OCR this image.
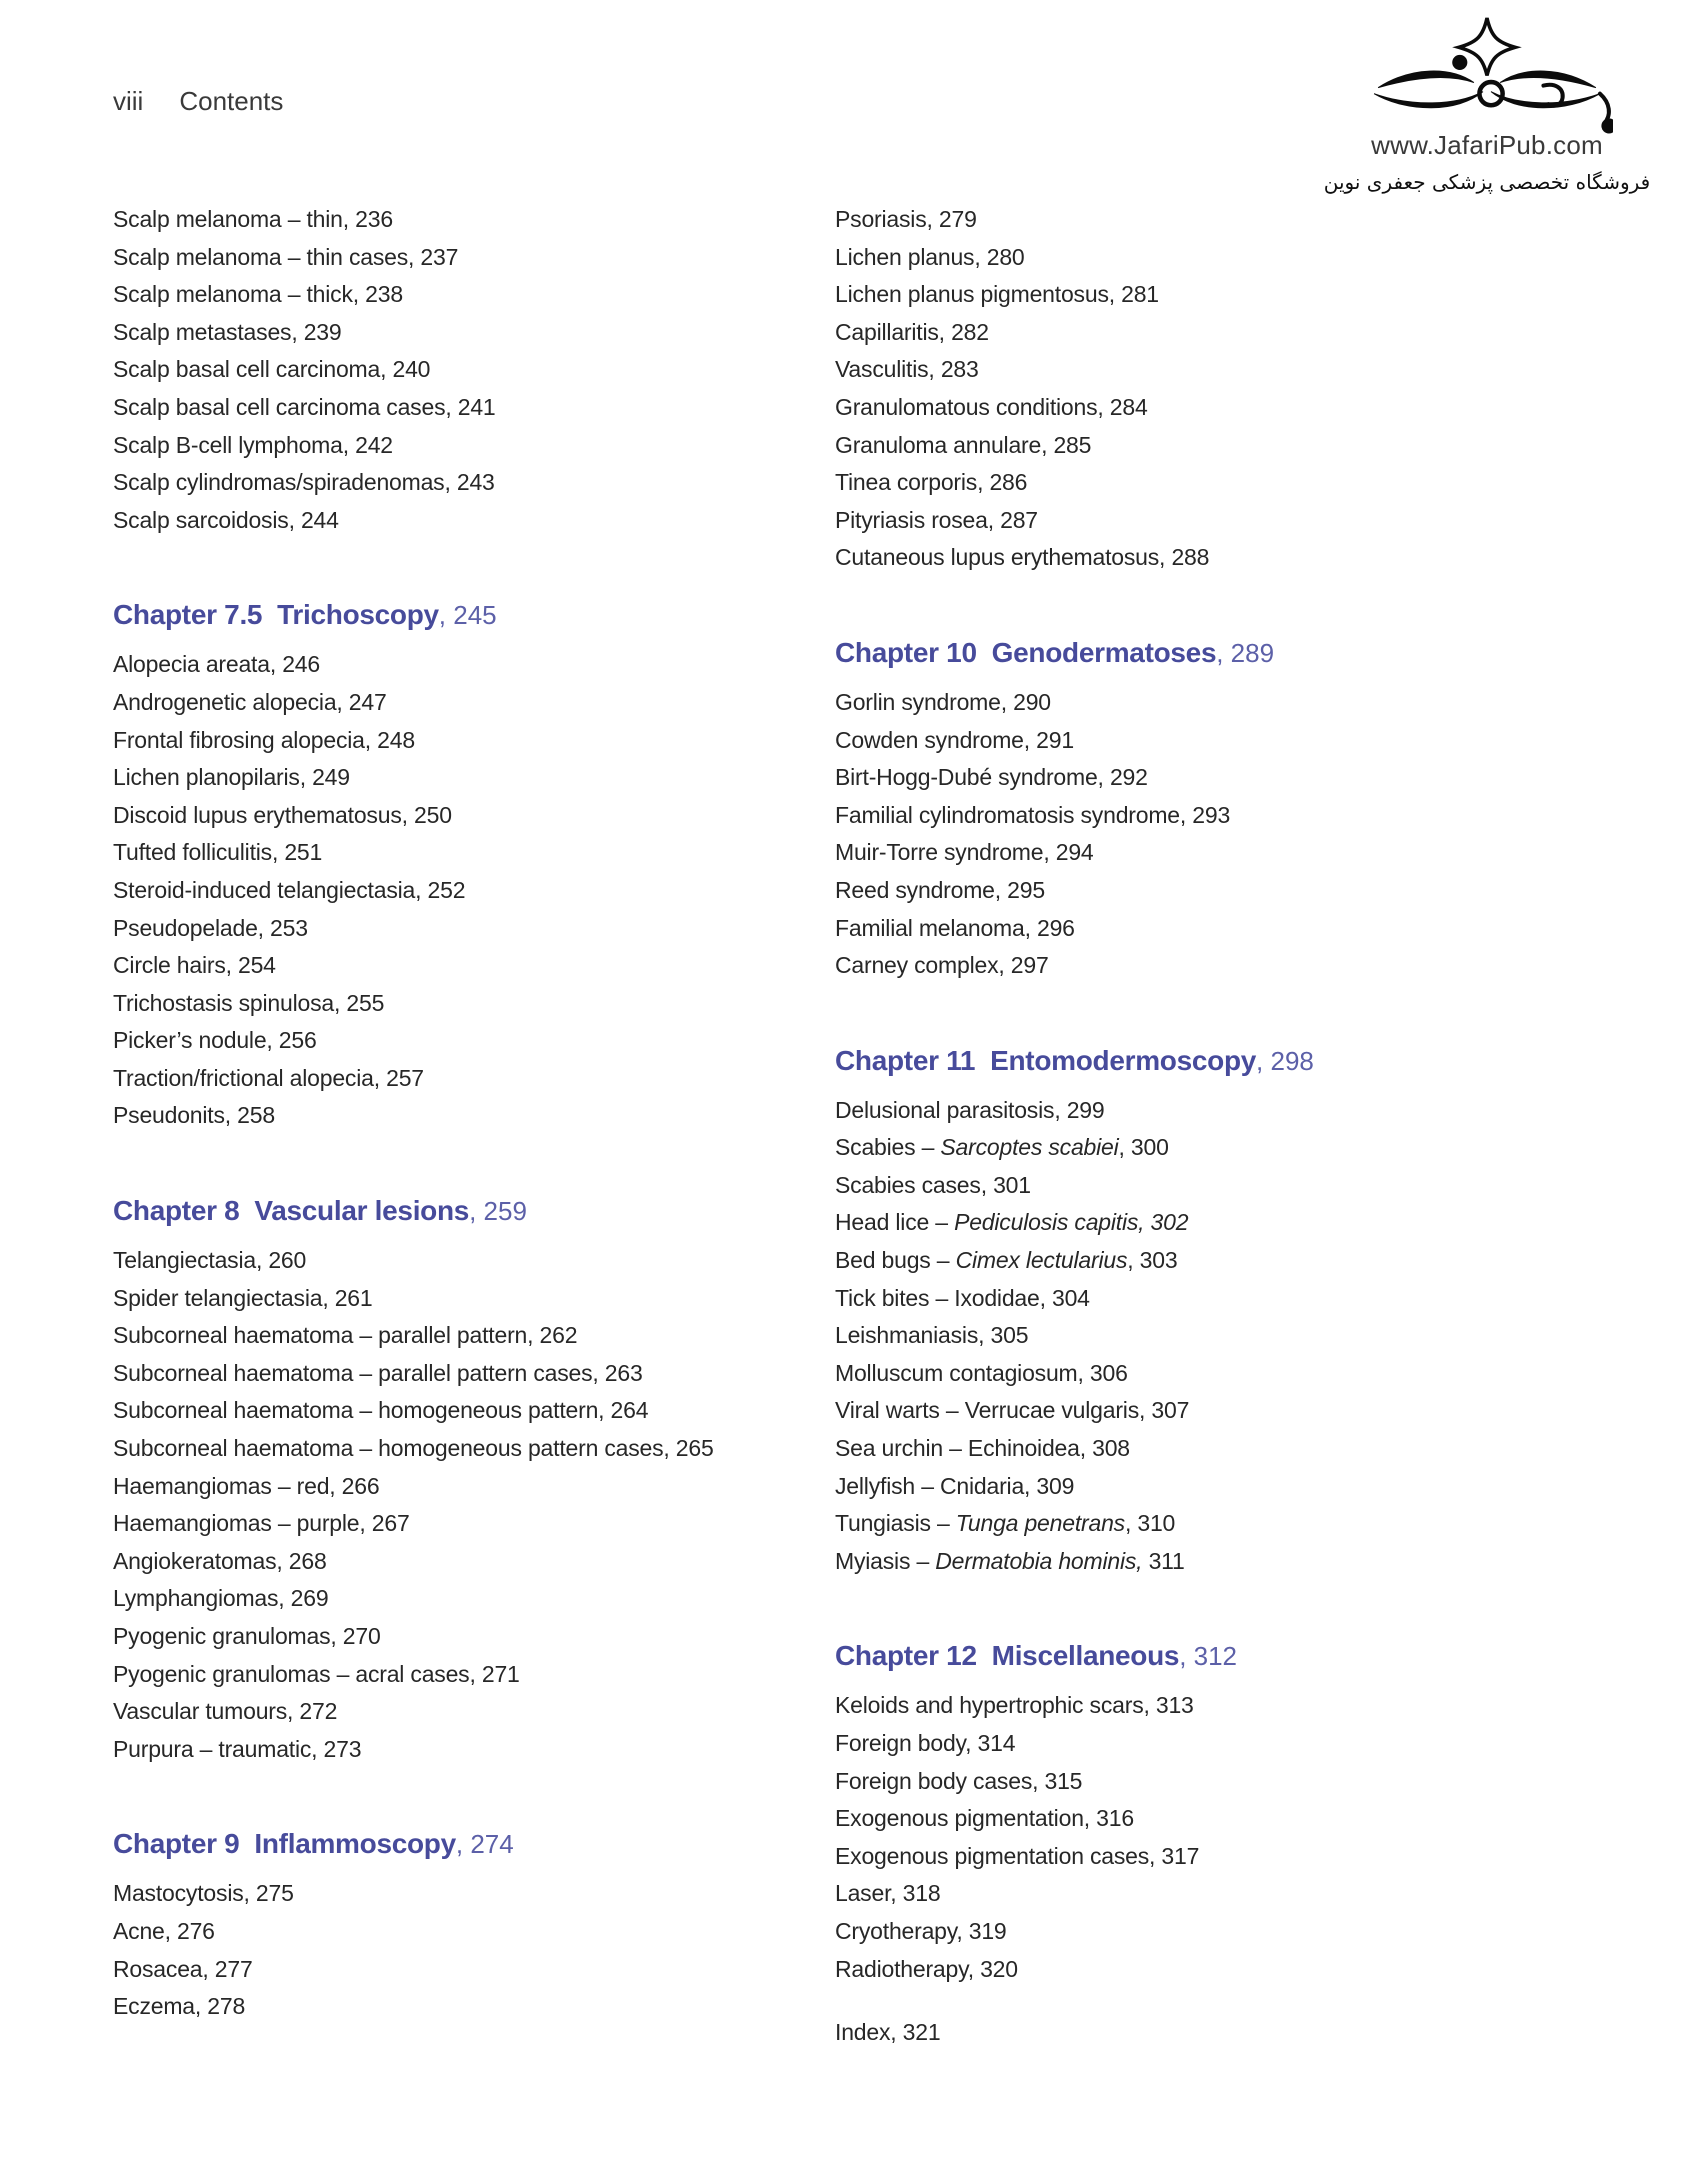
viii Contents
www.JafariPub.com
فروشگاه تخصصی پزشکی جعفری نوین
Scalp melanoma – thin, 236
Scalp melanoma – thin cases, 237
Scalp melanoma – thick, 238
Scalp metastases, 239
Scalp basal cell carcinoma, 240
Scalp basal cell carcinoma cases, 241
Scalp B-cell lymphoma, 242
Scalp cylindromas/spiradenomas, 243
Scalp sarcoidosis, 244
Chapter 7.5  Trichoscopy, 245
Alopecia areata, 246
Androgenetic alopecia, 247
Frontal fibrosing alopecia, 248
Lichen planopilaris, 249
Discoid lupus erythematosus, 250
Tufted folliculitis, 251
Steroid-induced telangiectasia, 252
Pseudopelade, 253
Circle hairs, 254
Trichostasis spinulosa, 255
Picker’s nodule, 256
Traction/frictional alopecia, 257
Pseudonits, 258
Chapter 8  Vascular lesions, 259
Telangiectasia, 260
Spider telangiectasia, 261
Subcorneal haematoma – parallel pattern, 262
Subcorneal haematoma – parallel pattern cases, 263
Subcorneal haematoma – homogeneous pattern, 264
Subcorneal haematoma – homogeneous pattern cases, 265
Haemangiomas – red, 266
Haemangiomas – purple, 267
Angiokeratomas, 268
Lymphangiomas, 269
Pyogenic granulomas, 270
Pyogenic granulomas – acral cases, 271
Vascular tumours, 272
Purpura – traumatic, 273
Chapter 9  Inflammoscopy, 274
Mastocytosis, 275
Acne, 276
Rosacea, 277
Eczema, 278
Psoriasis, 279
Lichen planus, 280
Lichen planus pigmentosus, 281
Capillaritis, 282
Vasculitis, 283
Granulomatous conditions, 284
Granuloma annulare, 285
Tinea corporis, 286
Pityriasis rosea, 287
Cutaneous lupus erythematosus, 288
Chapter 10  Genodermatoses, 289
Gorlin syndrome, 290
Cowden syndrome, 291
Birt-Hogg-Dubé syndrome, 292
Familial cylindromatosis syndrome, 293
Muir-Torre syndrome, 294
Reed syndrome, 295
Familial melanoma, 296
Carney complex, 297
Chapter 11  Entomodermoscopy, 298
Delusional parasitosis, 299
Scabies – Sarcoptes scabiei, 300
Scabies cases, 301
Head lice – Pediculosis capitis, 302
Bed bugs – Cimex lectularius, 303
Tick bites – Ixodidae, 304
Leishmaniasis, 305
Molluscum contagiosum, 306
Viral warts – Verrucae vulgaris, 307
Sea urchin – Echinoidea, 308
Jellyfish – Cnidaria, 309
Tungiasis – Tunga penetrans, 310
Myiasis – Dermatobia hominis, 311
Chapter 12  Miscellaneous, 312
Keloids and hypertrophic scars, 313
Foreign body, 314
Foreign body cases, 315
Exogenous pigmentation, 316
Exogenous pigmentation cases, 317
Laser, 318
Cryotherapy, 319
Radiotherapy, 320
Index, 321
